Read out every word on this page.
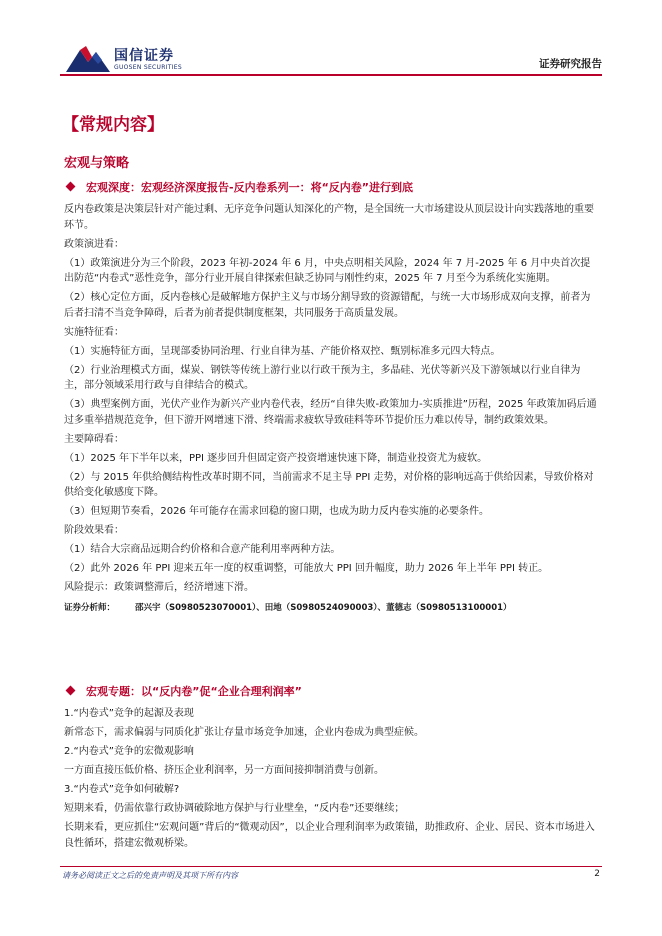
国信证券
GUOSEN SECURITIES	证券研究报告
【常规内容】
宏观与策略

宏观深度：宏观经济深度报告-反内卷系列一：将“反内卷”进行到底

反内卷政策是决策层针对产能过剩、无序竞争问题认知深化的产物，是全国统一大市场建设从顶层设计向实践落地的重要环节。

政策演进看：

（1）政策演进分为三个阶段，2023 年初-2024 年 6 月，中央点明相关风险，2024 年 7 月-2025 年 6 月中央首次提出防范“内卷式”恶性竞争，部分行业开展自律探索但缺乏协同与刚性约束，2025 年 7 月至今为系统化实施期。

（2）核心定位方面，反内卷核心是破解地方保护主义与市场分割导致的资源错配，与统一大市场形成双向支撑，前者为后者扫清不当竞争障碍，后者为前者提供制度框架，共同服务于高质量发展。

实施特征看：

（1）实施特征方面，呈现部委协同治理、行业自律为基、产能价格双控、甄别标准多元四大特点。

（2）行业治理模式方面，煤炭、钢铁等传统上游行业以行政干预为主，多晶硅、光伏等新兴及下游领域以行业自律为主，部分领域采用行政与自律结合的模式。

（3）典型案例方面，光伏产业作为新兴产业内卷代表，经历“自律失败-政策加力-实质推进”历程，2025 年政策加码后通过多重举措规范竞争，但下游开网增速下滑、终端需求疲软导致硅料等环节提价压力难以传导，制约政策效果。

主要障碍看：

（1）2025 年下半年以来，PPI 逐步回升但固定资产投资增速快速下降，制造业投资尤为疲软。

（2）与 2015 年供给侧结构性改革时期不同，当前需求不足主导 PPI 走势，对价格的影响远高于供给因素，导致价格对供给变化敏感度下降。

（3）但短期节奏看，2026 年可能存在需求回稳的窗口期，也成为助力反内卷实施的必要条件。

阶段效果看：

（1）结合大宗商品远期合约价格和合意产能利用率两种方法。

（2）此外 2026 年 PPI 迎来五年一度的权重调整，可能放大 PPI 回升幅度，助力 2026 年上半年 PPI 转正。

风险提示：政策调整滞后，经济增速下滑。

证券分析师： 邵兴宇（S0980523070001）、田地（S0980524090003）、董德志（S0980513100001）

宏观专题：以“反内卷”促“企业合理利润率”

1.“内卷式”竞争的起源及表现

新常态下，需求偏弱与同质化扩张让存量市场竞争加速，企业内卷成为典型症候。

2.“内卷式”竞争的宏微观影响

一方面直接压低价格、挤压企业利润率，另一方面间接抑制消费与创新。

3.“内卷式”竞争如何破解?

短期来看，仍需依靠行政协调破除地方保护与行业壁垒，“反内卷”还要继续；

长期来看，更应抓住“宏观问题”背后的“微观动因”，以企业合理利润率为政策锚，助推政府、企业、居民、资本市场进入良性循环，搭建宏微观桥梁。

请务必阅读正文之后的免责声明及其项下所有内容	2
